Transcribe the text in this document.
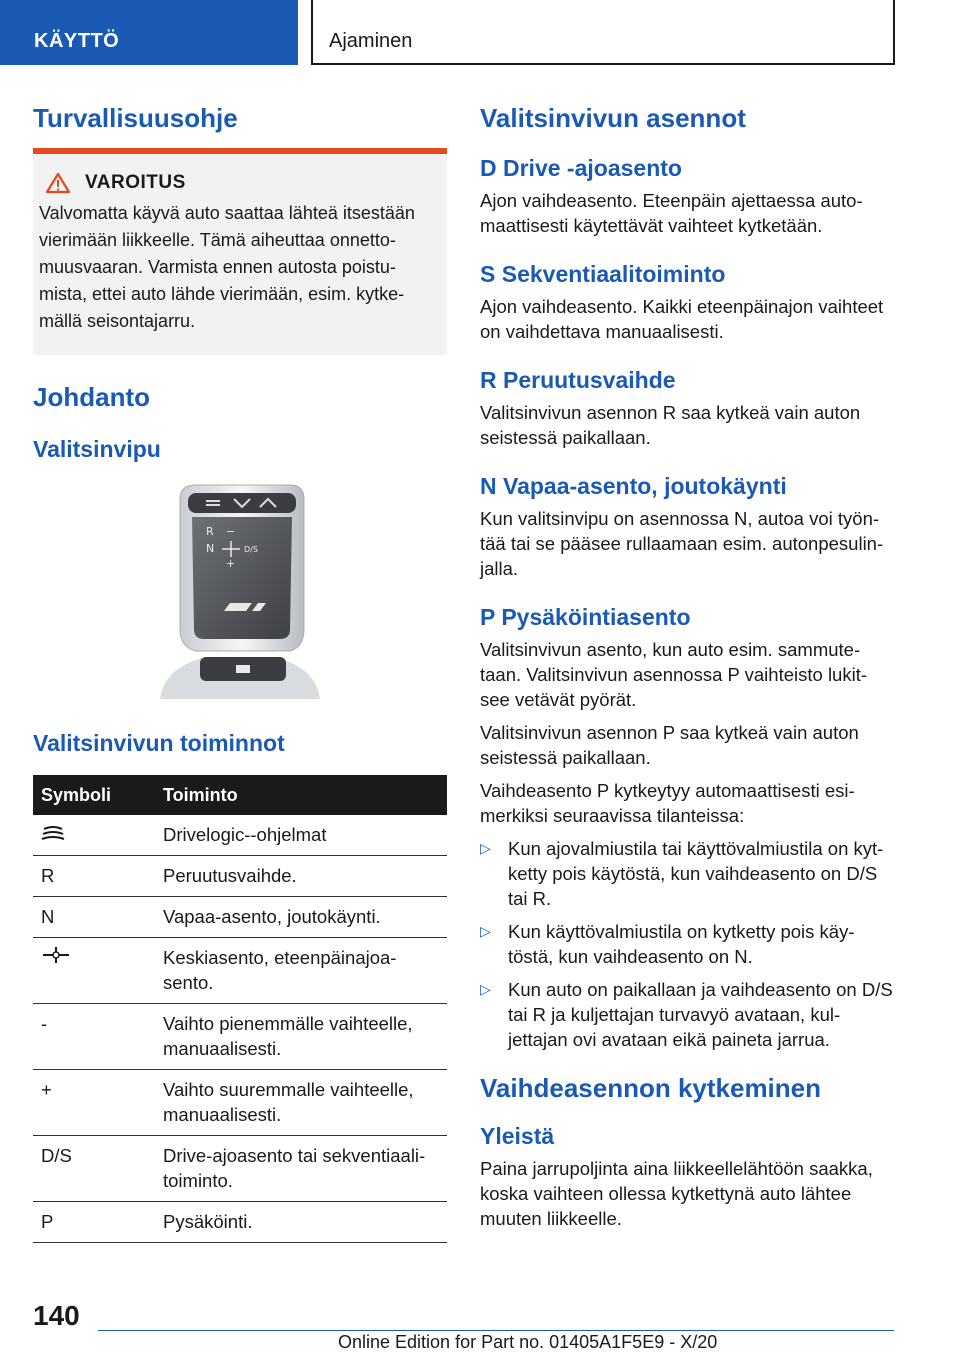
KÄYTTÖ	Ajaminen
Turvallisuusohje
VAROITUS

Valvomatta käyvä auto saattaa lähteä itsestään vierimään liikkeelle. Tämä aiheuttaa onnetto- muusvaaran. Varmista ennen autosta poistu- mista, ettei auto lähde vierimään, esim. kytke- mällä seisontajarru.

Johdanto
Valitsinvipu
R −
N
+
D/S
Valitsinvivun toiminnot
Symboli	Toiminto
	Drivelogic--ohjelmat
R	Peruutusvaihde.
N	Vapaa-asento, joutokäynti.
	Keskiasento, eteenpäinajoa- sento.
-	Vaihto pienemmälle vaihteelle, manuaalisesti.
+	Vaihto suuremmalle vaihteelle, manuaalisesti.
D/S	Drive-ajoasento tai sekventiaali- toiminto.
P	Pysäköinti.
Valitsinvivun asennot
D Drive -ajoasento

Ajon vaihdeasento. Eteenpäin ajettaessa auto- maattisesti käytettävät vaihteet kytketään.

S Sekventiaalitoiminto

Ajon vaihdeasento. Kaikki eteenpäinajon vaihteet on vaihdettava manuaalisesti.

R Peruutusvaihde

Valitsinvivun asennon R saa kytkeä vain auton seistessä paikallaan.

N Vapaa-asento, joutokäynti

Kun valitsinvipu on asennossa N, autoa voi työn- tää tai se pääsee rullaamaan esim. autonpesulin- jalla.

P Pysäköintiasento

Valitsinvivun asento, kun auto esim. sammute- taan. Valitsinvivun asennossa P vaihteisto lukit- see vetävät pyörät.

Valitsinvivun asennon P saa kytkeä vain auton seistessä paikallaan.

Vaihdeasento P kytkeytyy automaattisesti esi- merkiksi seuraavissa tilanteissa:

▷ Kun ajovalmiustila tai käyttövalmiustila on kyt- ketty pois käytöstä, kun vaihdeasento on D/S tai R.
▷ Kun käyttövalmiustila on kytketty pois käy- töstä, kun vaihdeasento on N.
▷ Kun auto on paikallaan ja vaihdeasento on D/S tai R ja kuljettajan turvavyö avataan, kul- jettajan ovi avataan eikä paineta jarrua.
Vaihdeasennon kytkeminen
Yleistä

Paina jarrupoljinta aina liikkeellelähtöön saakka, koska vaihteen ollessa kytkettynä auto lähtee muuten liikkeelle.

140
Online Edition for Part no. 01405A1F5E9 - X/20
